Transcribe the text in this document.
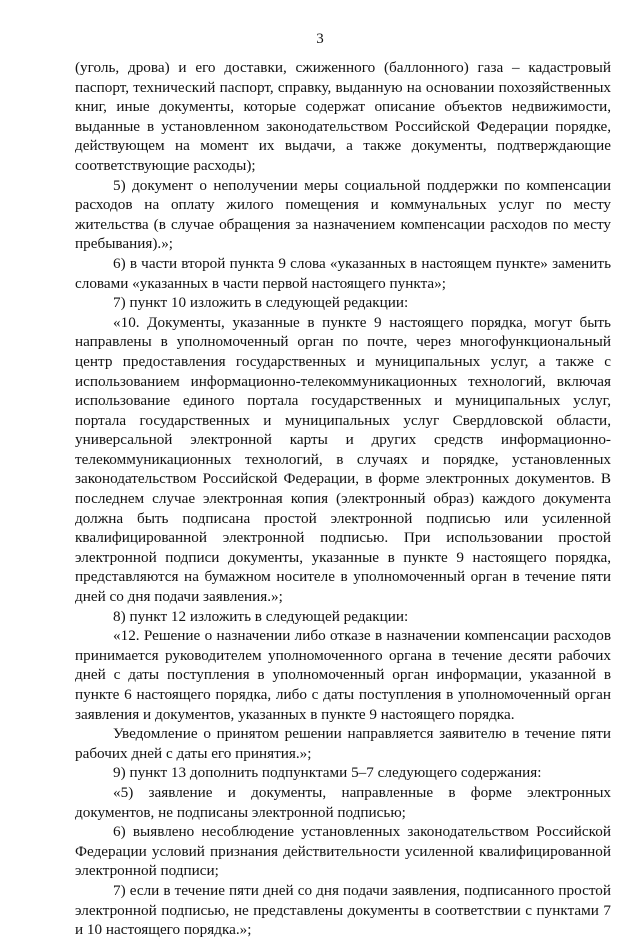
3

(уголь, дрова) и его доставки, сжиженного (баллонного) газа – кадастровый паспорт, технический паспорт, справку, выданную на основании похозяйственных книг, иные документы, которые содержат описание объектов недвижимости, выданные в установленном законодательством Российской Федерации порядке, действующем на момент их выдачи, а также документы, подтверждающие соответствующие расходы);

5) документ о неполучении меры социальной поддержки по компенсации расходов на оплату жилого помещения и коммунальных услуг по месту жительства (в случае обращения за назначением компенсации расходов по месту пребывания).»;

6) в части второй пункта 9 слова «указанных в настоящем пункте» заменить словами «указанных в части первой настоящего пункта»;

7) пункт 10 изложить в следующей редакции:

«10. Документы, указанные в пункте 9 настоящего порядка, могут быть направлены в уполномоченный орган по почте, через многофункциональный центр предоставления государственных и муниципальных услуг, а также с использованием информационно-телекоммуникационных технологий, включая использование единого портала государственных и муниципальных услуг, портала государственных и муниципальных услуг Свердловской области, универсальной электронной карты и других средств информационно-телекоммуникационных технологий, в случаях и порядке, установленных законодательством Российской Федерации, в форме электронных документов. В последнем случае электронная копия (электронный образ) каждого документа должна быть подписана простой электронной подписью или усиленной квалифицированной электронной подписью. При использовании простой электронной подписи документы, указанные в пункте 9 настоящего порядка, представляются на бумажном носителе в уполномоченный орган в течение пяти дней со дня подачи заявления.»;

8) пункт 12 изложить в следующей редакции:

«12. Решение о назначении либо отказе в назначении компенсации расходов принимается руководителем уполномоченного органа в течение десяти рабочих дней с даты поступления в уполномоченный орган информации, указанной в пункте 6 настоящего порядка, либо с даты поступления в уполномоченный орган заявления и документов, указанных в пункте 9 настоящего порядка.

Уведомление о принятом решении направляется заявителю в течение пяти рабочих дней с даты его принятия.»;

9) пункт 13 дополнить подпунктами 5–7 следующего содержания:

«5) заявление и документы, направленные в форме электронных документов, не подписаны электронной подписью;

6) выявлено несоблюдение установленных законодательством Российской Федерации условий признания действительности усиленной квалифицированной электронной подписи;

7) если в течение пяти дней со дня подачи заявления, подписанного простой электронной подписью, не представлены документы в соответствии с пунктами 7 и 10 настоящего порядка.»;
